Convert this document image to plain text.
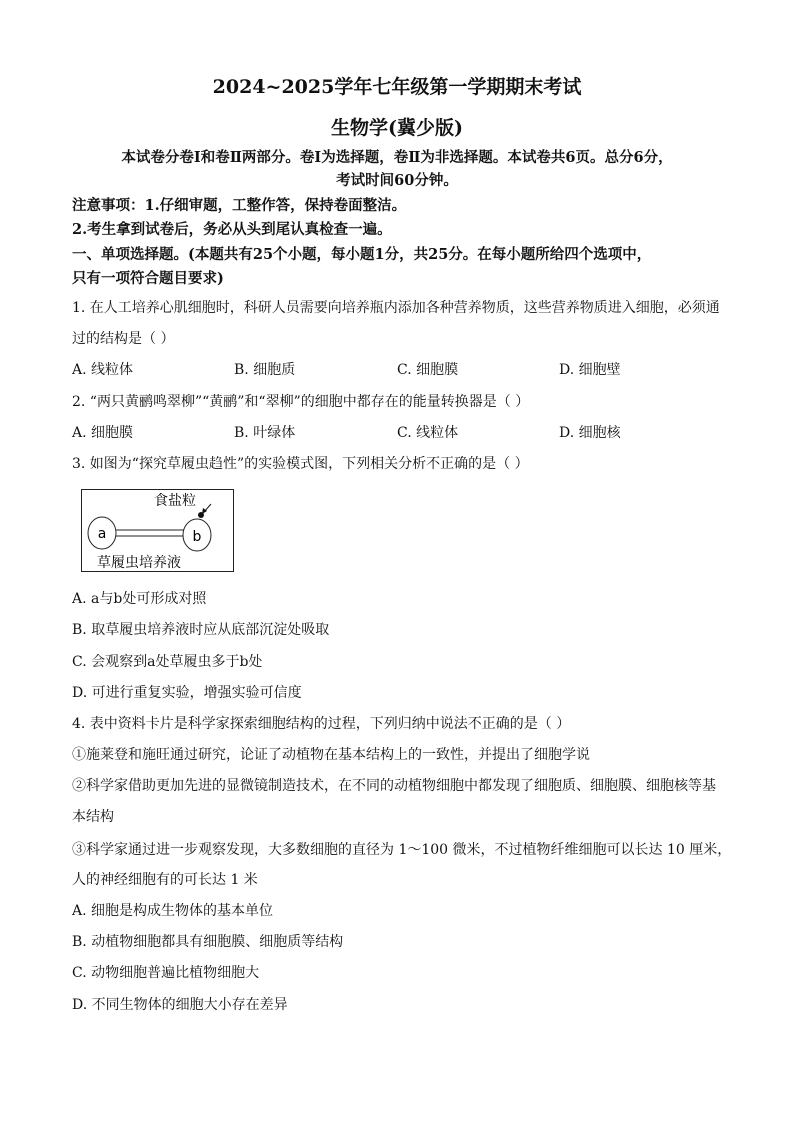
2024~2025学年七年级第一学期期末考试
生物学(冀少版)
本试卷分卷Ⅰ和卷Ⅱ两部分。卷Ⅰ为选择题，卷Ⅱ为非选择题。本试卷共6页。总分6分，
考试时间60分钟。
注意事项：1.仔细审题，工整作答，保持卷面整洁。
2.考生拿到试卷后，务必从头到尾认真检查一遍。
一、单项选择题。(本题共有25个小题，每小题1分，共25分。在每小题所给四个选项中，
只有一项符合题目要求)
1. 在人工培养心肌细胞时，科研人员需要向培养瓶内添加各种营养物质，这些营养物质进入细胞，必须通
过的结构是（ ）
A. 线粒体	B. 细胞质	C. 细胞膜	D. 细胞壁
2. “两只黄鹂鸣翠柳”“黄鹂”和“翠柳”的细胞中都存在的能量转换器是（ ）
A. 细胞膜	B. 叶绿体	C. 线粒体	D. 细胞核
3. 如图为“探究草履虫趋性”的实验模式图，下列相关分析不正确的是（ ）
a	b
食盐粒
草履虫培养液
A. a与b处可形成对照
B. 取草履虫培养液时应从底部沉淀处吸取
C. 会观察到a处草履虫多于b处
D. 可进行重复实验，增强实验可信度
4. 表中资料卡片是科学家探索细胞结构的过程，下列归纳中说法不正确的是（ ）
①施莱登和施旺通过研究，论证了动植物在基本结构上的一致性，并提出了细胞学说
②科学家借助更加先进的显微镜制造技术，在不同的动植物细胞中都发现了细胞质、细胞膜、细胞核等基
本结构
③科学家通过进一步观察发现，大多数细胞的直径为 1～100 微米，不过植物纤维细胞可以长达 10 厘米，
人的神经细胞有的可长达 1 米
A. 细胞是构成生物体的基本单位
B. 动植物细胞都具有细胞膜、细胞质等结构
C. 动物细胞普遍比植物细胞大
D. 不同生物体的细胞大小存在差异
